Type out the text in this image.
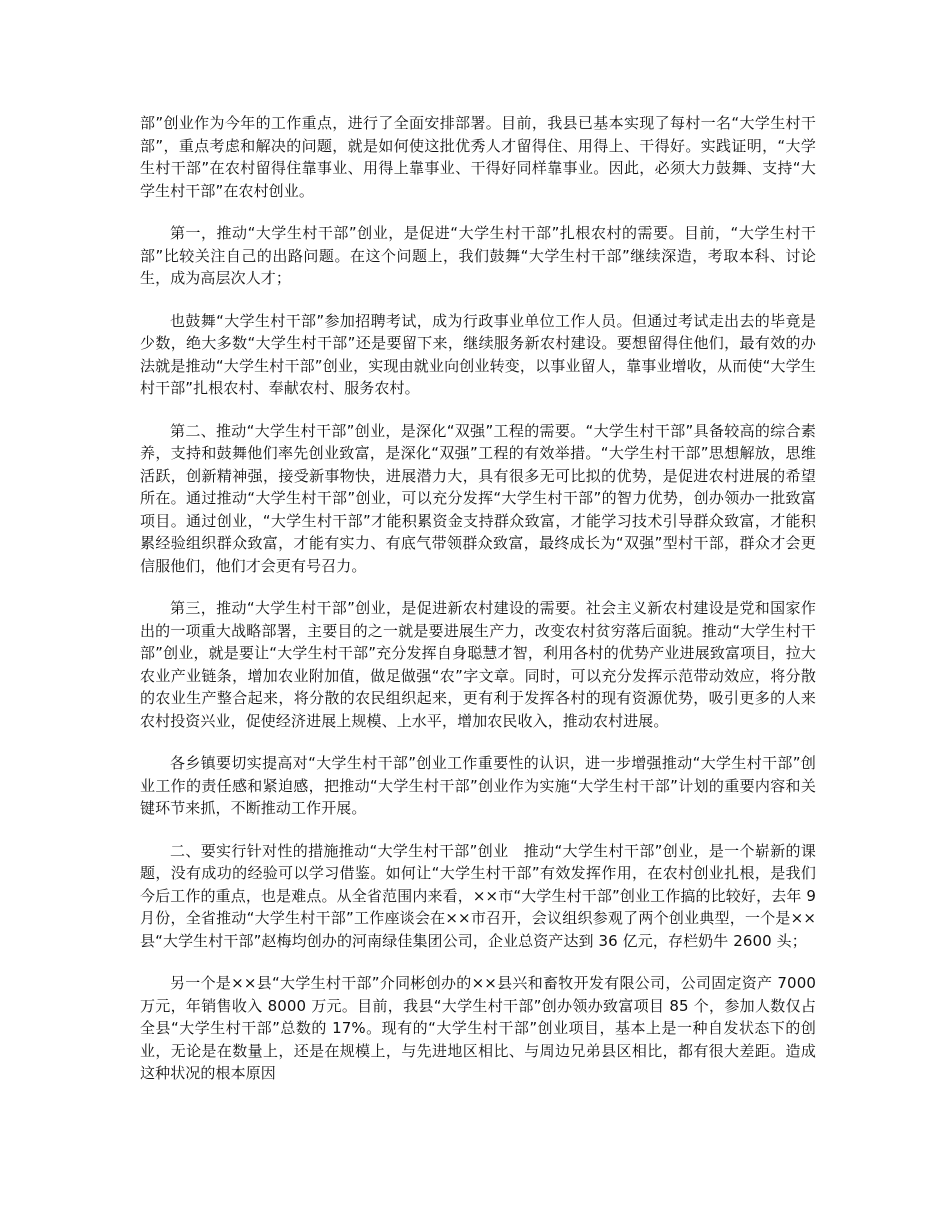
部”创业作为今年的工作重点，进行了全面安排部署。目前，我县已基本实现了每村一名“大学生村干部”，重点考虑和解决的问题，就是如何使这批优秀人才留得住、用得上、干得好。实践证明，“大学生村干部”在农村留得住靠事业、用得上靠事业、干得好同样靠事业。因此，必须大力鼓舞、支持“大学生村干部”在农村创业。

第一，推动“大学生村干部”创业，是促进“大学生村干部”扎根农村的需要。目前，“大学生村干部”比较关注自己的出路问题。在这个问题上，我们鼓舞“大学生村干部”继续深造，考取本科、讨论生，成为高层次人才；

也鼓舞“大学生村干部”参加招聘考试，成为行政事业单位工作人员。但通过考试走出去的毕竟是少数，绝大多数“大学生村干部”还是要留下来，继续服务新农村建设。要想留得住他们，最有效的办法就是推动“大学生村干部”创业，实现由就业向创业转变，以事业留人，靠事业增收，从而使“大学生村干部”扎根农村、奉献农村、服务农村。

第二、推动“大学生村干部”创业，是深化“双强”工程的需要。“大学生村干部”具备较高的综合素养，支持和鼓舞他们率先创业致富，是深化“双强”工程的有效举措。“大学生村干部”思想解放，思维活跃，创新精神强，接受新事物快，进展潜力大，具有很多无可比拟的优势，是促进农村进展的希望所在。通过推动“大学生村干部”创业，可以充分发挥“大学生村干部”的智力优势，创办领办一批致富项目。通过创业，“大学生村干部”才能积累资金支持群众致富，才能学习技术引导群众致富，才能积累经验组织群众致富，才能有实力、有底气带领群众致富，最终成长为“双强”型村干部，群众才会更信服他们，他们才会更有号召力。

第三，推动“大学生村干部”创业，是促进新农村建设的需要。社会主义新农村建设是党和国家作出的一项重大战略部署，主要目的之一就是要进展生产力，改变农村贫穷落后面貌。推动“大学生村干部”创业，就是要让“大学生村干部”充分发挥自身聪慧才智，利用各村的优势产业进展致富项目，拉大农业产业链条，增加农业附加值，做足做强“农”字文章。同时，可以充分发挥示范带动效应，将分散的农业生产整合起来，将分散的农民组织起来，更有利于发挥各村的现有资源优势，吸引更多的人来农村投资兴业，促使经济进展上规模、上水平，增加农民收入，推动农村进展。

各乡镇要切实提高对“大学生村干部”创业工作重要性的认识，进一步增强推动“大学生村干部”创业工作的责任感和紧迫感，把推动“大学生村干部”创业作为实施“大学生村干部”计划的重要内容和关键环节来抓，不断推动工作开展。

二、要实行针对性的措施推动“大学生村干部”创业　推动“大学生村干部”创业，是一个崭新的课题，没有成功的经验可以学习借鉴。如何让“大学生村干部”有效发挥作用，在农村创业扎根，是我们今后工作的重点，也是难点。从全省范围内来看，××市“大学生村干部”创业工作搞的比较好，去年 9 月份，全省推动“大学生村干部”工作座谈会在××市召开，会议组织参观了两个创业典型，一个是××县“大学生村干部”赵梅均创办的河南绿佳集团公司，企业总资产达到 36 亿元，存栏奶牛 2600 头；

另一个是××县“大学生村干部”介同彬创办的××县兴和畜牧开发有限公司，公司固定资产 7000 万元，年销售收入 8000 万元。目前，我县“大学生村干部”创办领办致富项目 85 个，参加人数仅占全县“大学生村干部”总数的 17%。现有的“大学生村干部”创业项目，基本上是一种自发状态下的创业，无论是在数量上，还是在规模上，与先进地区相比、与周边兄弟县区相比，都有很大差距。造成这种状况的根本原因
